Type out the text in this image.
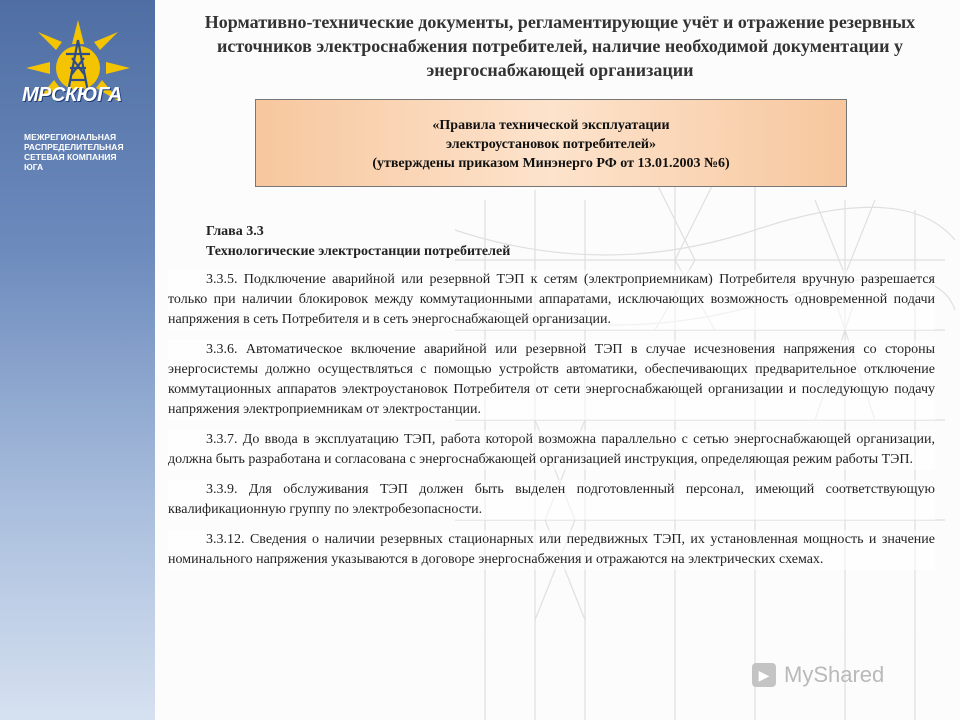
МРСКЮГА
МЕЖРЕГИОНАЛЬНАЯ
РАСПРЕДЕЛИТЕЛЬНАЯ
СЕТЕВАЯ КОМПАНИЯ
ЮГА
Нормативно-технические документы, регламентирующие учёт и отражение резервных источников электроснабжения потребителей, наличие необходимой документации у энергоснабжающей организации
«Правила технической эксплуатации
электроустановок потребителей»
(утверждены приказом Минэнерго РФ от 13.01.2003 №6)
Глава 3.3
Технологические электростанции потребителей

3.3.5. Подключение аварийной или резервной ТЭП к сетям (электроприемникам) Потребителя вручную разрешается только при наличии блокировок между коммутационными аппаратами, исключающих возможность одновременной подачи напряжения в сеть Потребителя и в сеть энергоснабжающей организации.

3.3.6. Автоматическое включение аварийной или резервной ТЭП в случае исчезновения напряжения со стороны энергосистемы должно осуществляться с помощью устройств автоматики, обеспечивающих предварительное отключение коммутационных аппаратов электроустановок Потребителя от сети энергоснабжающей организации и последующую подачу напряжения электроприемникам от электростанции.

3.3.7. До ввода в эксплуатацию ТЭП, работа которой возможна параллельно с сетью энергоснабжающей организации, должна быть разработана и согласована с энергоснабжающей организацией инструкция, определяющая режим работы ТЭП.

3.3.9. Для обслуживания ТЭП должен быть выделен подготовленный персонал, имеющий соответствующую квалификационную группу по электробезопасности.

3.3.12. Сведения о наличии резервных стационарных или передвижных ТЭП, их установленная мощность и значение номинального напряжения указываются в договоре энергоснабжения и отражаются на электрических схемах.

▶ MyShared
